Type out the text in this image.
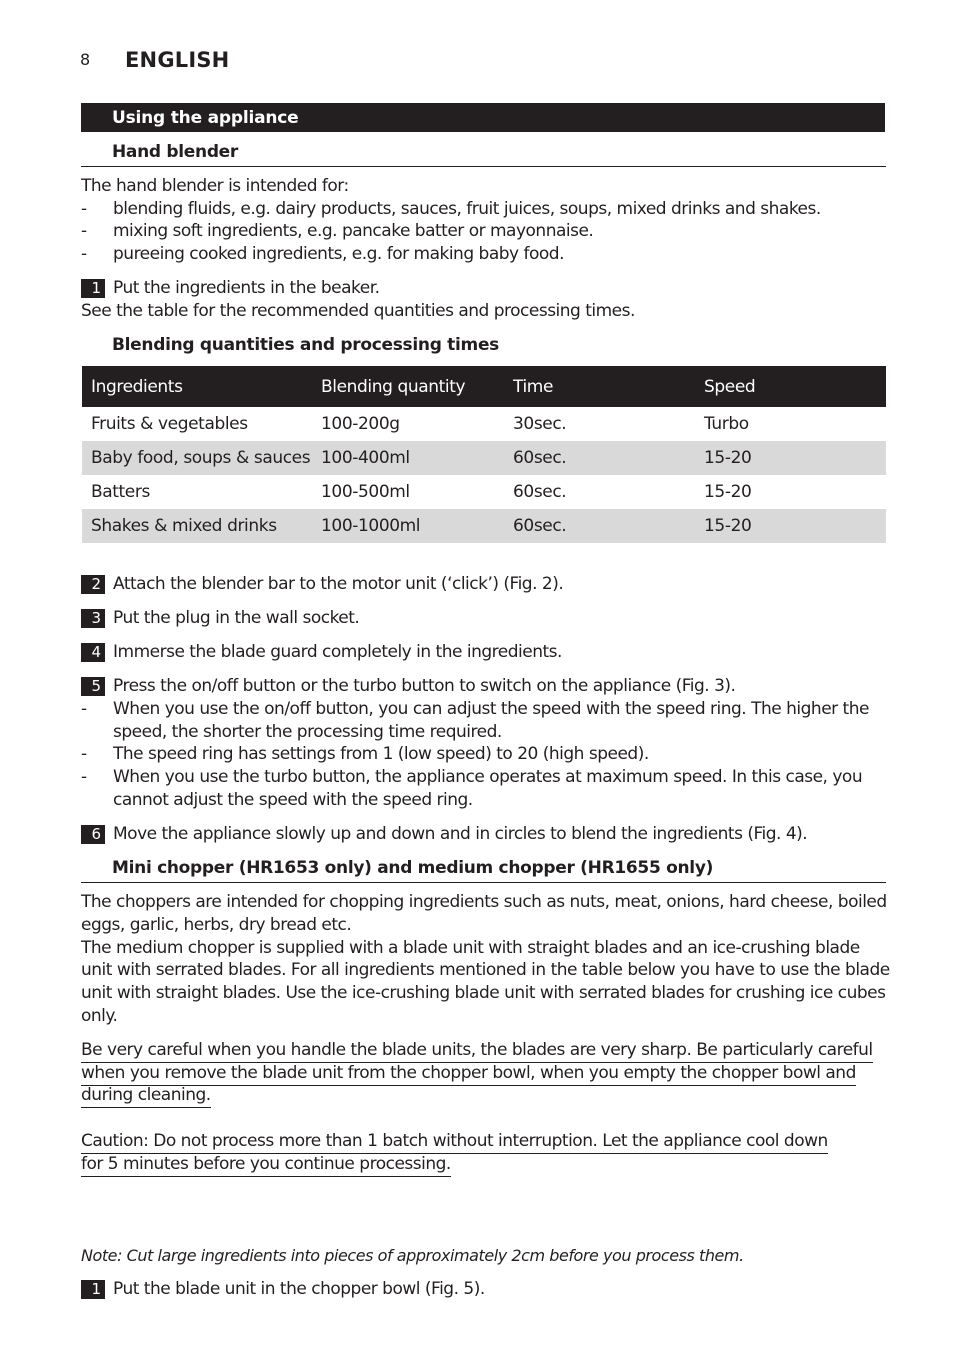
8 ENGLISH
Using the appliance
Hand blender
The hand blender is intended for:
- blending fluids, e.g. dairy products, sauces, fruit juices, soups, mixed drinks and shakes.
- mixing soft ingredients, e.g. pancake batter or mayonnaise.
- pureeing cooked ingredients, e.g. for making baby food.
1 Put the ingredients in the beaker.
See the table for the recommended quantities and processing times.
Blending quantities and processing times
Ingredients	Blending quantity	Time	Speed
Fruits & vegetables	100-200g	30sec.	Turbo
Baby food, soups & sauces	100-400ml	60sec.	15-20
Batters	100-500ml	60sec.	15-20
Shakes & mixed drinks	100-1000ml	60sec.	15-20
2 Attach the blender bar to the motor unit (‘click’) (Fig. 2).
3 Put the plug in the wall socket.
4 Immerse the blade guard completely in the ingredients.
5 Press the on/off button or the turbo button to switch on the appliance (Fig. 3).
- When you use the on/off button, you can adjust the speed with the speed ring. The higher the
speed, the shorter the processing time required.
- The speed ring has settings from 1 (low speed) to 20 (high speed).
- When you use the turbo button, the appliance operates at maximum speed. In this case, you
cannot adjust the speed with the speed ring.
6 Move the appliance slowly up and down and in circles to blend the ingredients (Fig. 4).
Mini chopper (HR1653 only) and medium chopper (HR1655 only)
The choppers are intended for chopping ingredients such as nuts, meat, onions, hard cheese, boiled
eggs, garlic, herbs, dry bread etc.
The medium chopper is supplied with a blade unit with straight blades and an ice-crushing blade
unit with serrated blades. For all ingredients mentioned in the table below you have to use the blade
unit with straight blades. Use the ice-crushing blade unit with serrated blades for crushing ice cubes
only.
Be very careful when you handle the blade units, the blades are very sharp. Be particularly careful
when you remove the blade unit from the chopper bowl, when you empty the chopper bowl and
during cleaning.
Caution: Do not process more than 1 batch without interruption. Let the appliance cool down
for 5 minutes before you continue processing.
Note: Cut large ingredients into pieces of approximately 2cm before you process them.
1 Put the blade unit in the chopper bowl (Fig. 5).
